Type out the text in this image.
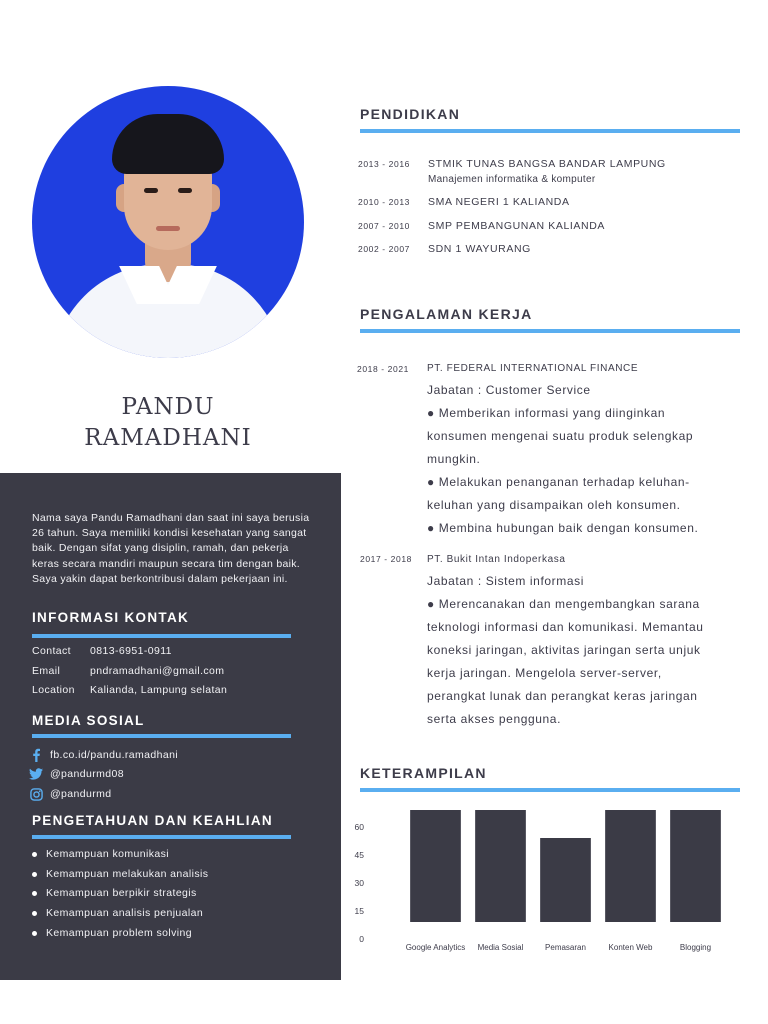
PANDU
RAMADHANI
Nama saya Pandu Ramadhani dan saat ini saya berusia 26 tahun. Saya memiliki kondisi kesehatan yang sangat baik. Dengan sifat yang disiplin, ramah, dan pekerja keras secara mandiri maupun secara tim dengan baik. Saya yakin dapat berkontribusi dalam pekerjaan ini.
INFORMASI KONTAK
Contact 0813-6951-0911
Email	pndramadhani@gmail.com
Location Kalianda, Lampung selatan
MEDIA SOSIAL
fb.co.id/pandu.ramadhani
@pandurmd08
@pandurmd
PENGETAHUAN DAN KEAHLIAN
Kemampuan komunikasi
Kemampuan melakukan analisis
Kemampuan berpikir strategis
Kemampuan analisis penjualan
Kemampuan problem solving
PENDIDIKAN
2013 - 2016	STMIK TUNAS BANGSA BANDAR LAMPUNG
Manajemen informatika & komputer
2010 - 2013	SMA NEGERI 1 KALIANDA
2007 - 2010	SMP PEMBANGUNAN KALIANDA
2002 - 2007	SDN 1 WAYURANG
PENGALAMAN KERJA
2018 - 2021 PT. FEDERAL INTERNATIONAL FINANCE
Jabatan : Customer Service
● Memberikan informasi yang diinginkan
konsumen mengenai suatu produk selengkap
mungkin.
● Melakukan penanganan terhadap keluhan-
keluhan yang disampaikan oleh konsumen.
● Membina hubungan baik dengan konsumen.
2017 - 2018 PT. Bukit Intan Indoperkasa
Jabatan : Sistem informasi
● Merencanakan dan mengembangkan sarana
teknologi informasi dan komunikasi. Memantau
koneksi jaringan, aktivitas jaringan serta unjuk
kerja jaringan. Mengelola server-server,
perangkat lunak dan perangkat keras jaringan
serta akses pengguna.
KETERAMPILAN
0
15
30
45
60
Google Analytics Media Sosial	Pemasaran	Konten Web	Blogging
